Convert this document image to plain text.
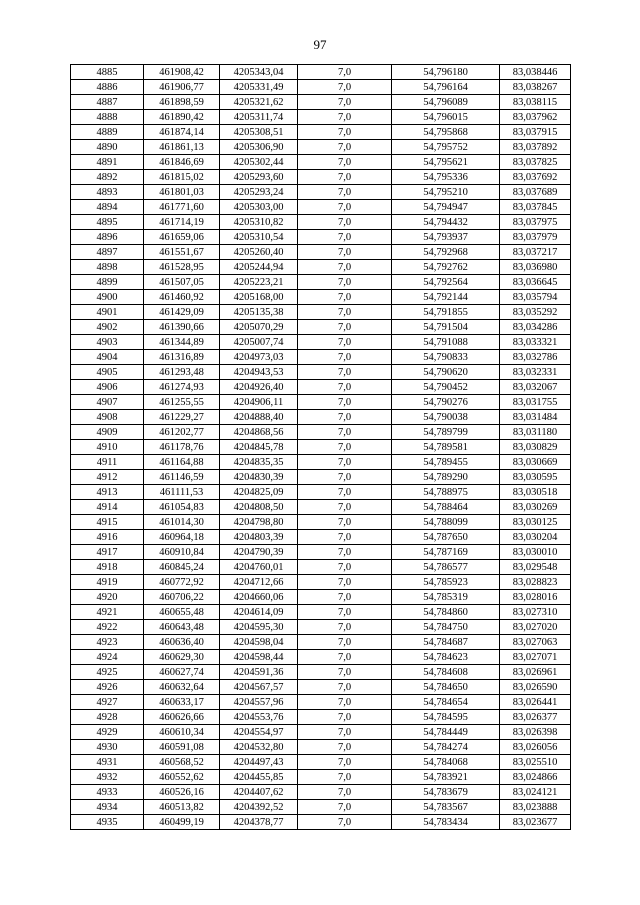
97
4885	461908,42	4205343,04	7,0	54,796180	83,038446
4886	461906,77	4205331,49	7,0	54,796164	83,038267
4887	461898,59	4205321,62	7,0	54,796089	83,038115
4888	461890,42	4205311,74	7,0	54,796015	83,037962
4889	461874,14	4205308,51	7,0	54,795868	83,037915
4890	461861,13	4205306,90	7,0	54,795752	83,037892
4891	461846,69	4205302,44	7,0	54,795621	83,037825
4892	461815,02	4205293,60	7,0	54,795336	83,037692
4893	461801,03	4205293,24	7,0	54,795210	83,037689
4894	461771,60	4205303,00	7,0	54,794947	83,037845
4895	461714,19	4205310,82	7,0	54,794432	83,037975
4896	461659,06	4205310,54	7,0	54,793937	83,037979
4897	461551,67	4205260,40	7,0	54,792968	83,037217
4898	461528,95	4205244,94	7,0	54,792762	83,036980
4899	461507,05	4205223,21	7,0	54,792564	83,036645
4900	461460,92	4205168,00	7,0	54,792144	83,035794
4901	461429,09	4205135,38	7,0	54,791855	83,035292
4902	461390,66	4205070,29	7,0	54,791504	83,034286
4903	461344,89	4205007,74	7,0	54,791088	83,033321
4904	461316,89	4204973,03	7,0	54,790833	83,032786
4905	461293,48	4204943,53	7,0	54,790620	83,032331
4906	461274,93	4204926,40	7,0	54,790452	83,032067
4907	461255,55	4204906,11	7,0	54,790276	83,031755
4908	461229,27	4204888,40	7,0	54,790038	83,031484
4909	461202,77	4204868,56	7,0	54,789799	83,031180
4910	461178,76	4204845,78	7,0	54,789581	83,030829
4911	461164,88	4204835,35	7,0	54,789455	83,030669
4912	461146,59	4204830,39	7,0	54,789290	83,030595
4913	461111,53	4204825,09	7,0	54,788975	83,030518
4914	461054,83	4204808,50	7,0	54,788464	83,030269
4915	461014,30	4204798,80	7,0	54,788099	83,030125
4916	460964,18	4204803,39	7,0	54,787650	83,030204
4917	460910,84	4204790,39	7,0	54,787169	83,030010
4918	460845,24	4204760,01	7,0	54,786577	83,029548
4919	460772,92	4204712,66	7,0	54,785923	83,028823
4920	460706,22	4204660,06	7,0	54,785319	83,028016
4921	460655,48	4204614,09	7,0	54,784860	83,027310
4922	460643,48	4204595,30	7,0	54,784750	83,027020
4923	460636,40	4204598,04	7,0	54,784687	83,027063
4924	460629,30	4204598,44	7,0	54,784623	83,027071
4925	460627,74	4204591,36	7,0	54,784608	83,026961
4926	460632,64	4204567,57	7,0	54,784650	83,026590
4927	460633,17	4204557,96	7,0	54,784654	83,026441
4928	460626,66	4204553,76	7,0	54,784595	83,026377
4929	460610,34	4204554,97	7,0	54,784449	83,026398
4930	460591,08	4204532,80	7,0	54,784274	83,026056
4931	460568,52	4204497,43	7,0	54,784068	83,025510
4932	460552,62	4204455,85	7,0	54,783921	83,024866
4933	460526,16	4204407,62	7,0	54,783679	83,024121
4934	460513,82	4204392,52	7,0	54,783567	83,023888
4935	460499,19	4204378,77	7,0	54,783434	83,023677
